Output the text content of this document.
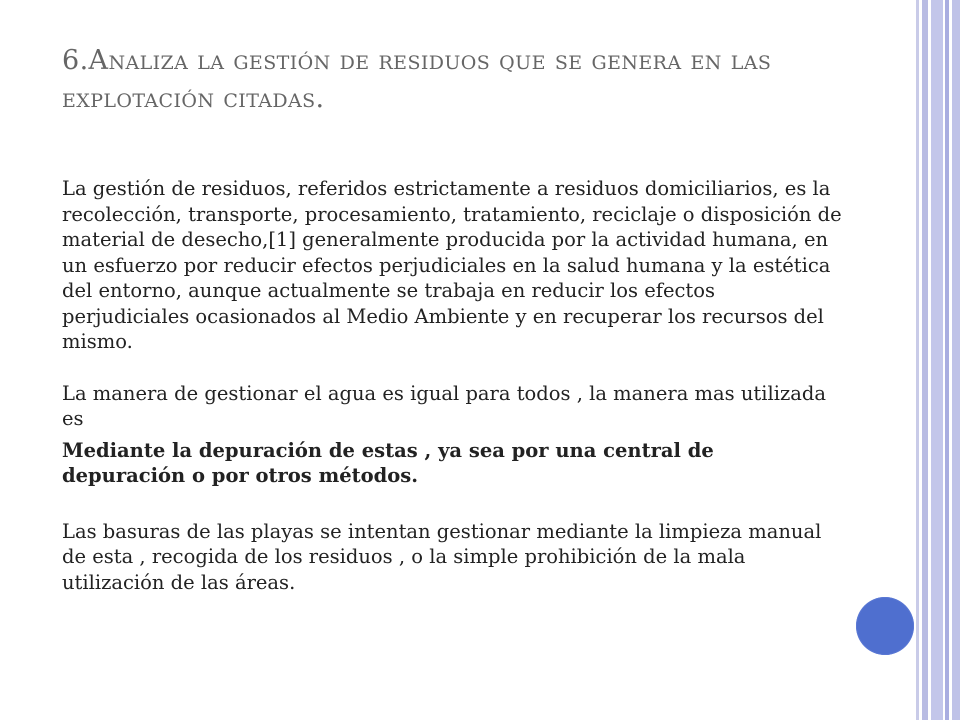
6.Analiza la gestión de residuos que se genera en las explotación citadas.

La gestión de residuos, referidos estrictamente a residuos domiciliarios, es la recolección, transporte, procesamiento, tratamiento, reciclaje o disposición de material de desecho,[1] generalmente producida por la actividad humana, en un esfuerzo por reducir efectos perjudiciales en la salud humana y la estética del entorno, aunque actualmente se trabaja en reducir los efectos perjudiciales ocasionados al Medio Ambiente y en recuperar los recursos del mismo.

La manera de gestionar el agua es igual para todos , la manera mas utilizada es

Mediante la depuración de estas , ya sea por una central de depuración o por otros métodos.

Las basuras de las playas se intentan gestionar mediante la limpieza manual de esta , recogida de los residuos , o la simple prohibición de la mala utilización de las áreas.
